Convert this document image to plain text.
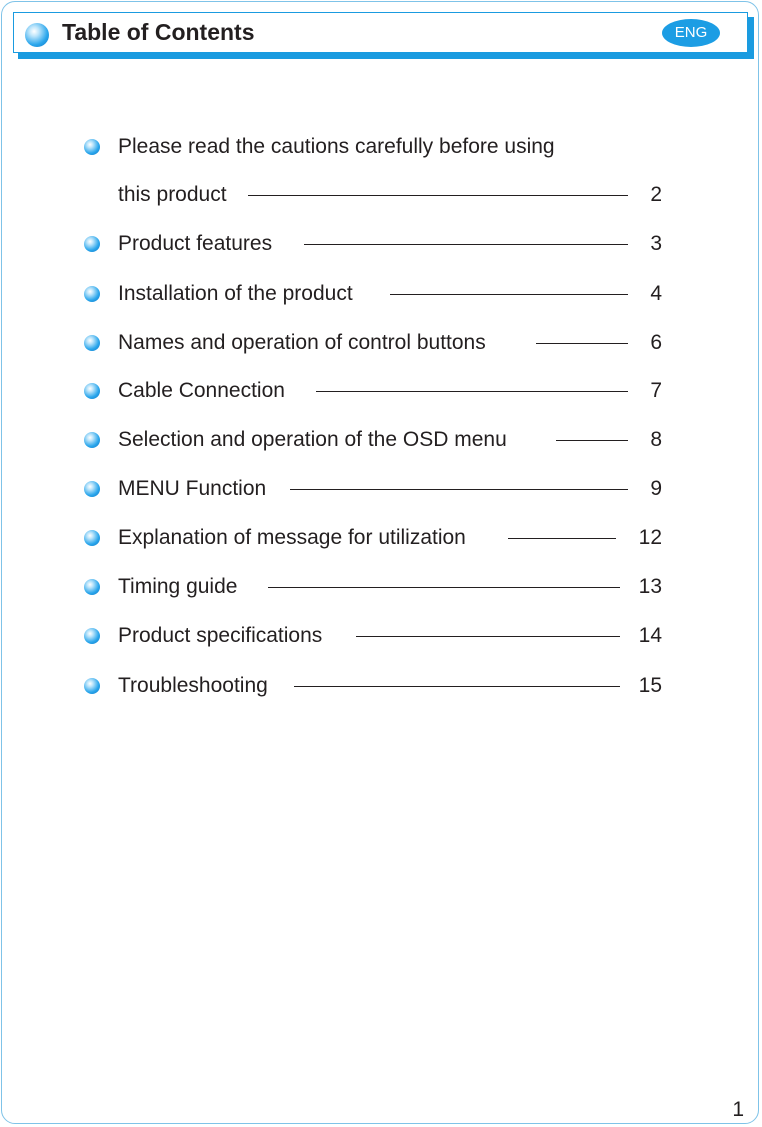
Table of Contents	ENG
Please read the cautions carefully before using
this product	2
Product features	3
Installation of the product	4
Names and operation of control buttons	6
Cable Connection	7
Selection and operation of the OSD menu	8
MENU Function	9
Explanation of message for utilization	12
Timing guide	13
Product specifications	14
Troubleshooting	15
1
